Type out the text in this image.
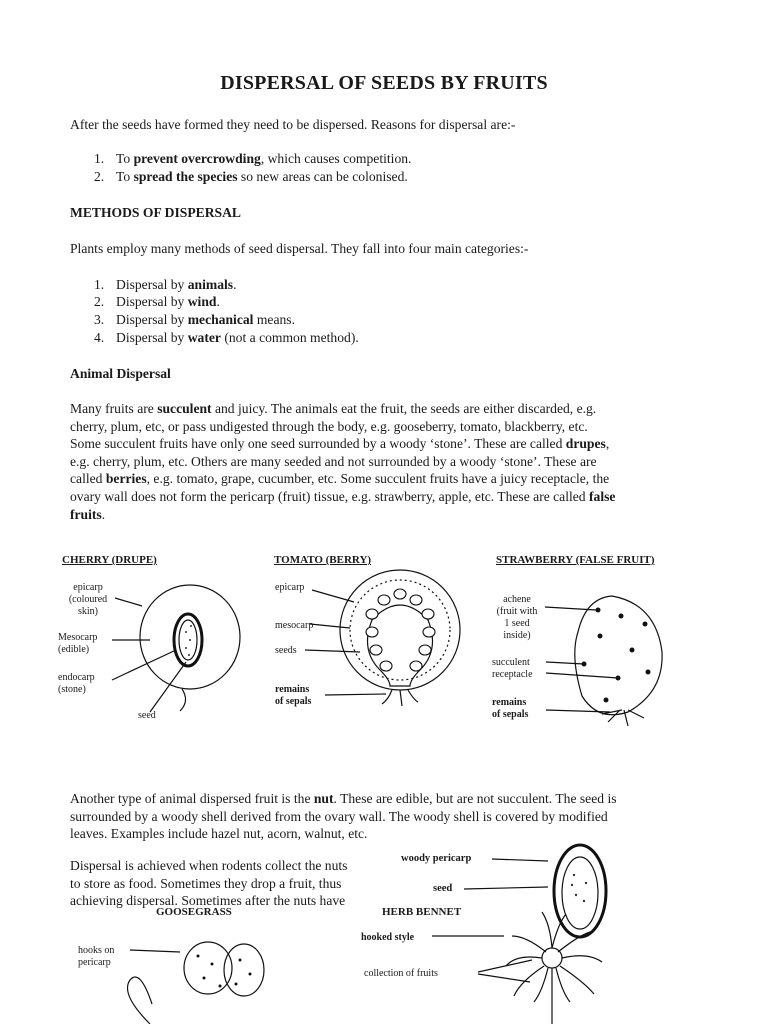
DISPERSAL OF SEEDS BY FRUITS
After the seeds have formed they need to be dispersed. Reasons for dispersal are:-
1. To prevent overcrowding, which causes competition.
2. To spread the species so new areas can be colonised.
METHODS OF DISPERSAL
Plants employ many methods of seed dispersal. They fall into four main categories:-
1. Dispersal by animals.
2. Dispersal by wind.
3. Dispersal by mechanical means.
4. Dispersal by water (not a common method).
Animal Dispersal
Many fruits are succulent and juicy. The animals eat the fruit, the seeds are either discarded, e.g.
cherry, plum, etc, or pass undigested through the body, e.g. gooseberry, tomato, blackberry, etc.
Some succulent fruits have only one seed surrounded by a woody ‘stone’. These are called drupes,
e.g. cherry, plum, etc. Others are many seeded and not surrounded by a woody ‘stone’. These are
called berries, e.g. tomato, grape, cucumber, etc. Some succulent fruits have a juicy receptacle, the
ovary wall does not form the pericarp (fruit) tissue, e.g. strawberry, apple, etc. These are called false
fruits.
CHERRY (DRUPE)
epicarp
(coloured
skin)
Mesocarp
(edible)
endocarp
(stone)
seed
TOMATO (BERRY)
epicarp
mesocarp
seeds
remains
of sepals
STRAWBERRY (FALSE FRUIT)
achene
(fruit with
1 seed
inside)
succulent
receptacle
remains
of sepals
Another type of animal dispersed fruit is the nut. These are edible, but are not succulent. The seed is
surrounded by a woody shell derived from the ovary wall. The woody shell is covered by modified
leaves. Examples include hazel nut, acorn, walnut, etc.
Dispersal is achieved when rodents collect the nuts
to store as food. Sometimes they drop a fruit, thus
achieving dispersal. Sometimes after the nuts have
woody pericarp
seed
GOOSEGRASS
hooks on
pericarp
HERB BENNET
hooked style
collection of fruits
